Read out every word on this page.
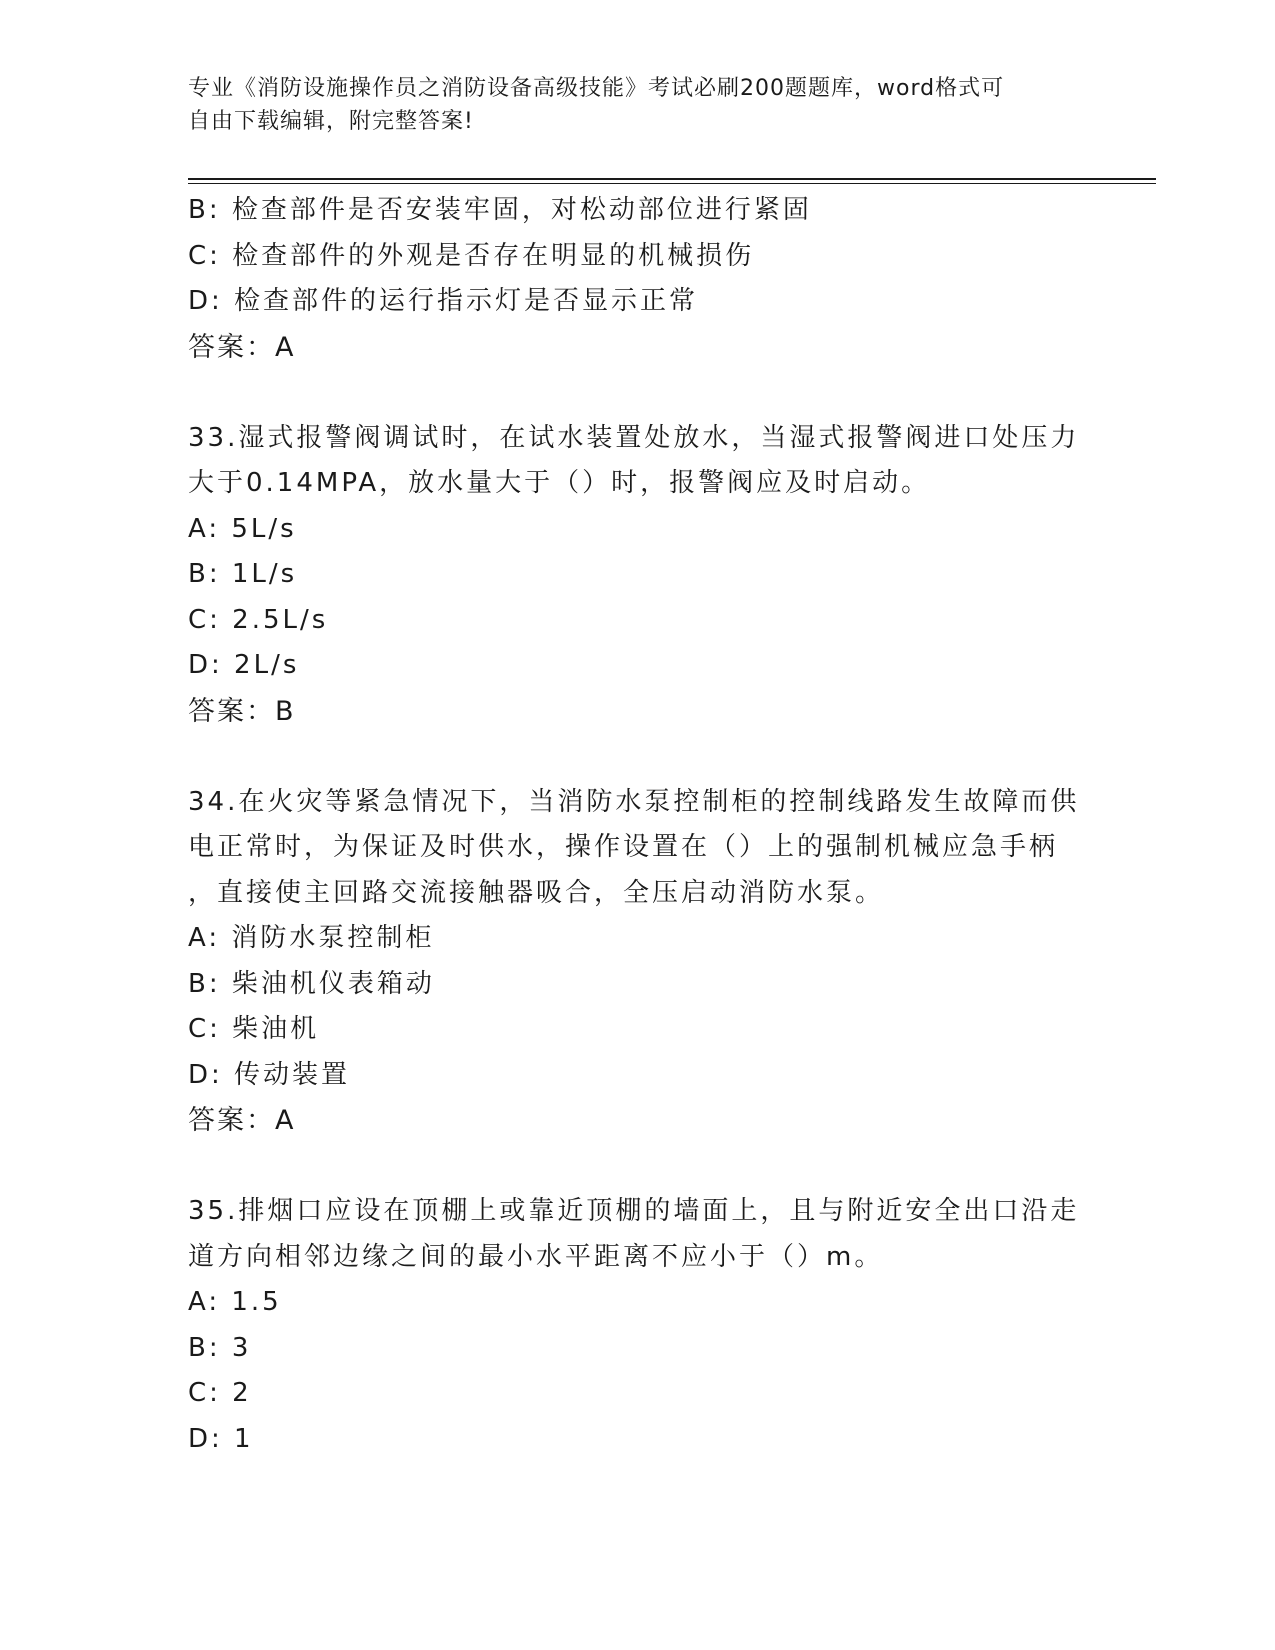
专业《消防设施操作员之消防设备高级技能》考试必刷200题题库，word格式可
自由下载编辑，附完整答案!
B: 检查部件是否安装牢固，对松动部位进行紧固
C: 检查部件的外观是否存在明显的机械损伤
D: 检查部件的运行指示灯是否显示正常
答案：A
33.湿式报警阀调试时，在试水装置处放水，当湿式报警阀进口处压力
大于0.14MPA，放水量大于（）时，报警阀应及时启动。
A: 5L/s
B: 1L/s
C: 2.5L/s
D: 2L/s
答案：B
34.在火灾等紧急情况下，当消防水泵控制柜的控制线路发生故障而供
电正常时，为保证及时供水，操作设置在（）上的强制机械应急手柄
，直接使主回路交流接触器吸合，全压启动消防水泵。
A: 消防水泵控制柜
B: 柴油机仪表箱动
C: 柴油机
D: 传动装置
答案：A
35.排烟口应设在顶棚上或靠近顶棚的墙面上，且与附近安全出口沿走
道方向相邻边缘之间的最小水平距离不应小于（）m。
A: 1.5
B: 3
C: 2
D: 1
